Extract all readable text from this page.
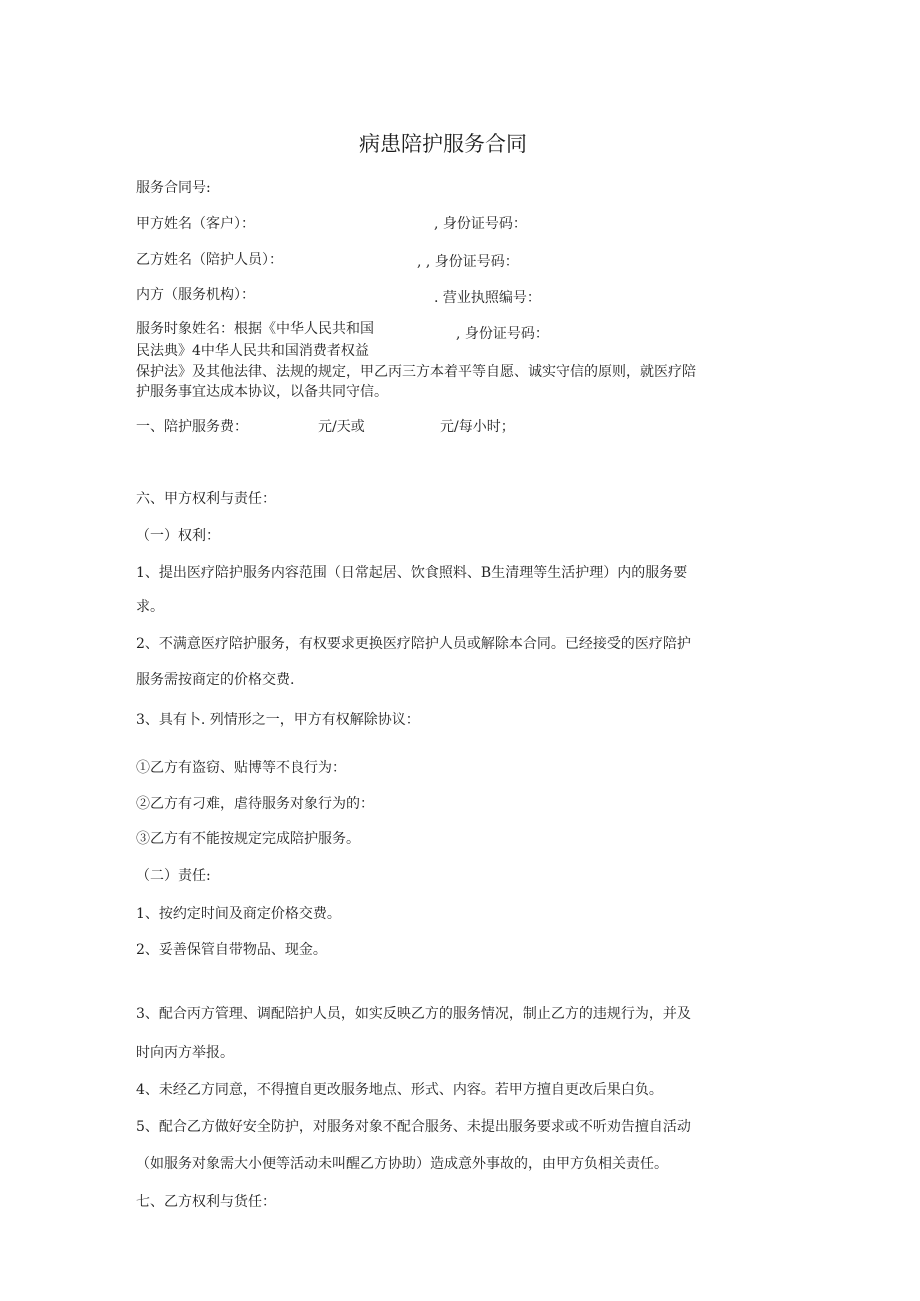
病患陪护服务合同
服务合同号:
甲方姓名（客户）：	, 身份证号码：
乙方姓名（陪护人员）：	, , 身份证号码：
内方（服务机构）：	. 营业执照编号：
服务时象姓名：根据《中华人民共和国	, 身份证号码：
民法典》4中华人民共和国消费者权益
保护法》及其他法律、法规的规定，甲乙丙三方本着平等自愿、诚实守信的原则，就医疗陪
护服务事宜达成本协议，以备共同守信。
一、陪护服务费：	元/天或	元/每小时；
六、甲方权利与责任：
（一）权利：
1、提出医疗陪护服务内容范围（日常起居、饮食照料、B生清理等生活护理）内的服务要
求。
2、不满意医疗陪护服务，有权要求更换医疗陪护人员或解除本合同。已经接受的医疗陪护
服务需按商定的价格交费.
3、具有卜. 列情形之一，甲方有权解除协议：
①乙方有盗窃、贴博等不良行为：
②乙方有刁难，虐待服务对象行为的：
③乙方有不能按规定完成陪护服务。
（二）责任:
1、按约定时间及商定价格交费。
2、妥善保管自带物品、现金。
3、配合丙方管理、调配陪护人员，如实反映乙方的服务情况，制止乙方的违规行为，并及
时向丙方举报。
4、未经乙方同意，不得擅自更改服务地点、形式、内容。若甲方擅自更改后果白负。
5、配合乙方做好安全防护，对服务对象不配合服务、未提出服务要求或不听劝告擅自活动
（如服务对象需大小便等活动未叫醒乙方协助）造成意外事故的，由甲方负相关责任。
七、乙方权利与货任：
